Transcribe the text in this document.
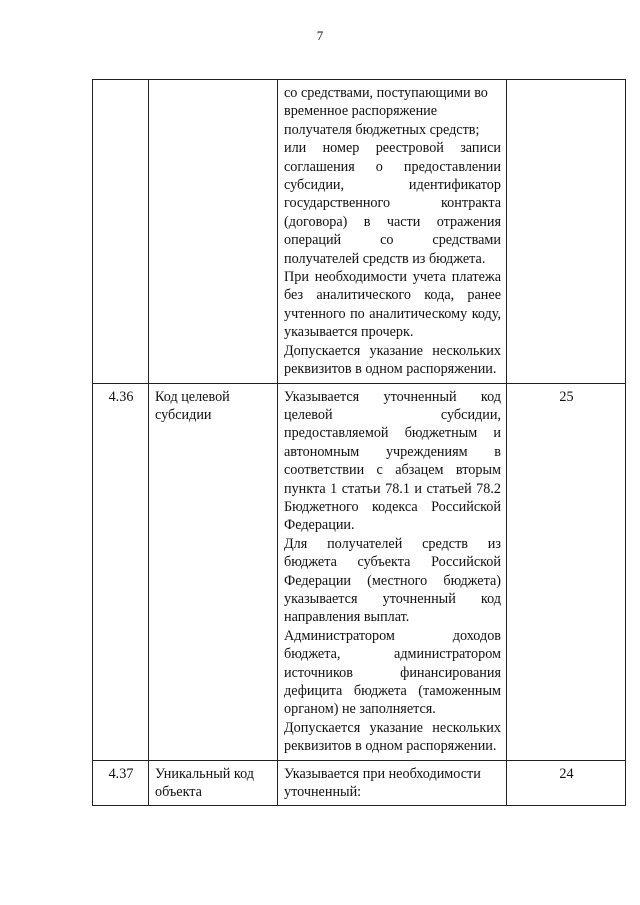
7

		со средствами, поступающими во временное распоряжение получателя бюджетных средств;

или номер реестровой записи соглашения о предоставлении субсидии, идентификатор государственного контракта (договора) в части отражения операций со средствами получателей средств из бюджета.

При необходимости учета платежа без аналитического кода, ранее учтенного по аналитическому коду, указывается прочерк.

Допускается указание нескольких реквизитов в одном распоряжении.	

4.36	Код целевой субсидии	Указывается уточненный код целевой субсидии, предоставляемой бюджетным и автономным учреждениям в соответствии с абзацем вторым пункта 1 статьи 78.1 и статьей 78.2 Бюджетного кодекса Российской Федерации.

Для получателей средств из бюджета субъекта Российской Федерации (местного бюджета) указывается уточненный код направления выплат.

Администратором доходов бюджета, администратором источников финансирования дефицита бюджета (таможенным органом) не заполняется.

Допускается указание нескольких реквизитов в одном распоряжении.	25
4.37	Уникальный код объекта	Указывается при необходимости уточненный:	24
